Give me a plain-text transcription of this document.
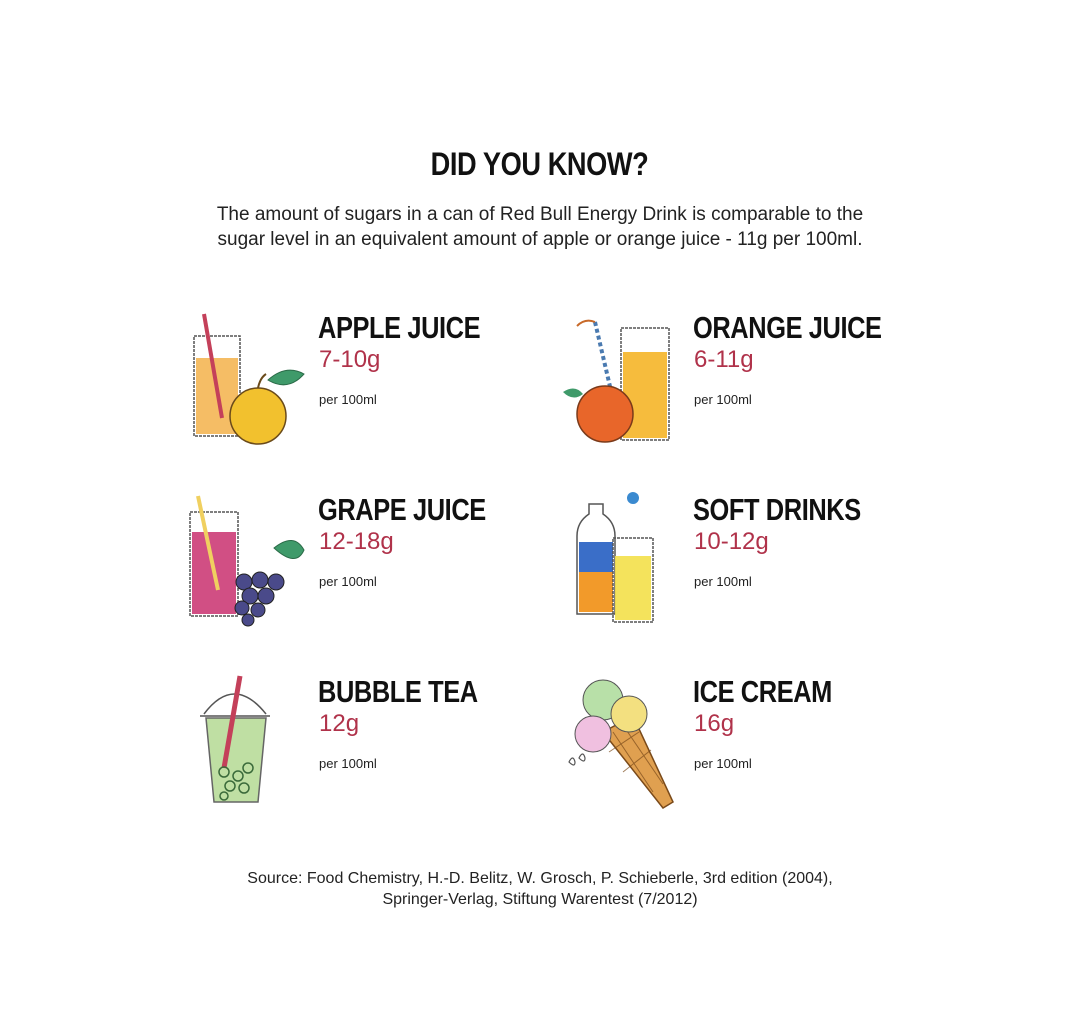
DID YOU KNOW?
The amount of sugars in a can of Red Bull Energy Drink is comparable to the
sugar level in an equivalent amount of apple or orange juice - 11g per 100ml.
APPLE JUICE
7-10g
per 100ml
ORANGE JUICE
6-11g
per 100ml
GRAPE JUICE
12-18g
per 100ml
SOFT DRINKS
10-12g
per 100ml
BUBBLE TEA
12g
per 100ml
ICE CREAM
16g
per 100ml
Source: Food Chemistry, H.-D. Belitz, W. Grosch, P. Schieberle, 3rd edition (2004),
Springer-Verlag, Stiftung Warentest (7/2012)
